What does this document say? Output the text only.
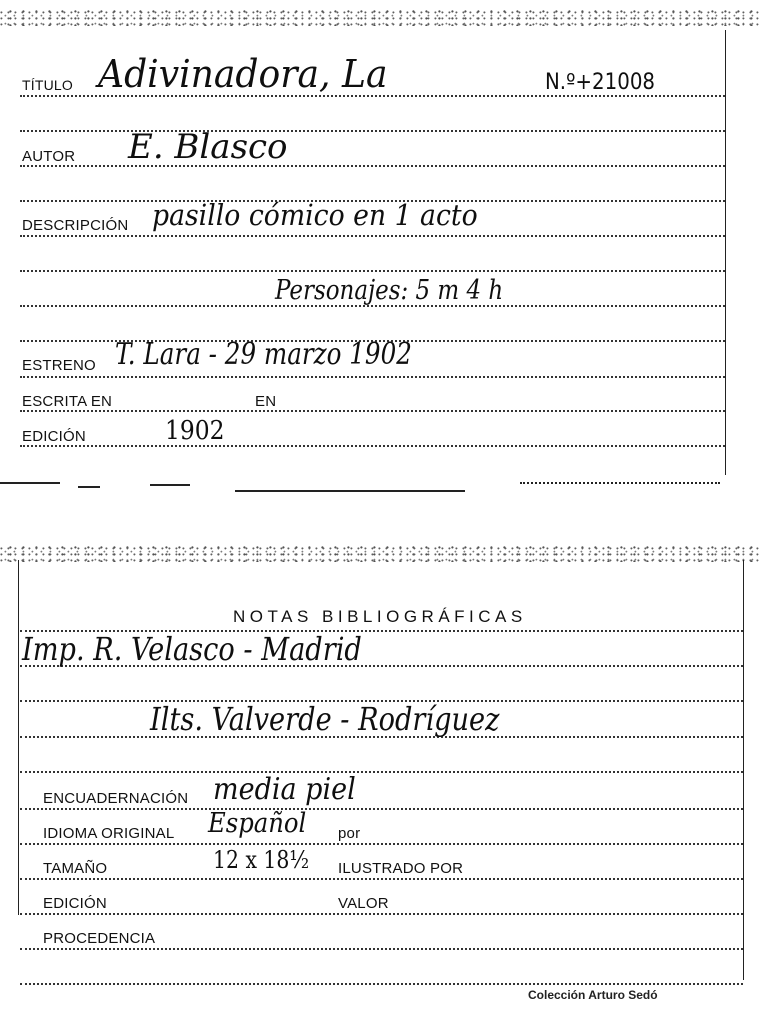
TÍTULO Adivinadora, La	N.º+21008
AUTOR E. Blasco
DESCRIPCIÓN pasillo cómico en 1 acto
Personajes: 5 m 4 h
ESTRENO T. Lara - 29 marzo 1902
ESCRITA EN	EN
EDICIÓN	1902
NOTAS BIBLIOGRÁFICAS
Imp. R. Velasco - Madrid
Ilts. Valverde - Rodríguez
ENCUADERNACIÓN media piel
IDIOMA ORIGINAL Español por
TAMAÑO	12 x 18½ ILUSTRADO POR
EDICIÓN	VALOR
PROCEDENCIA
Colección Arturo Sedó
